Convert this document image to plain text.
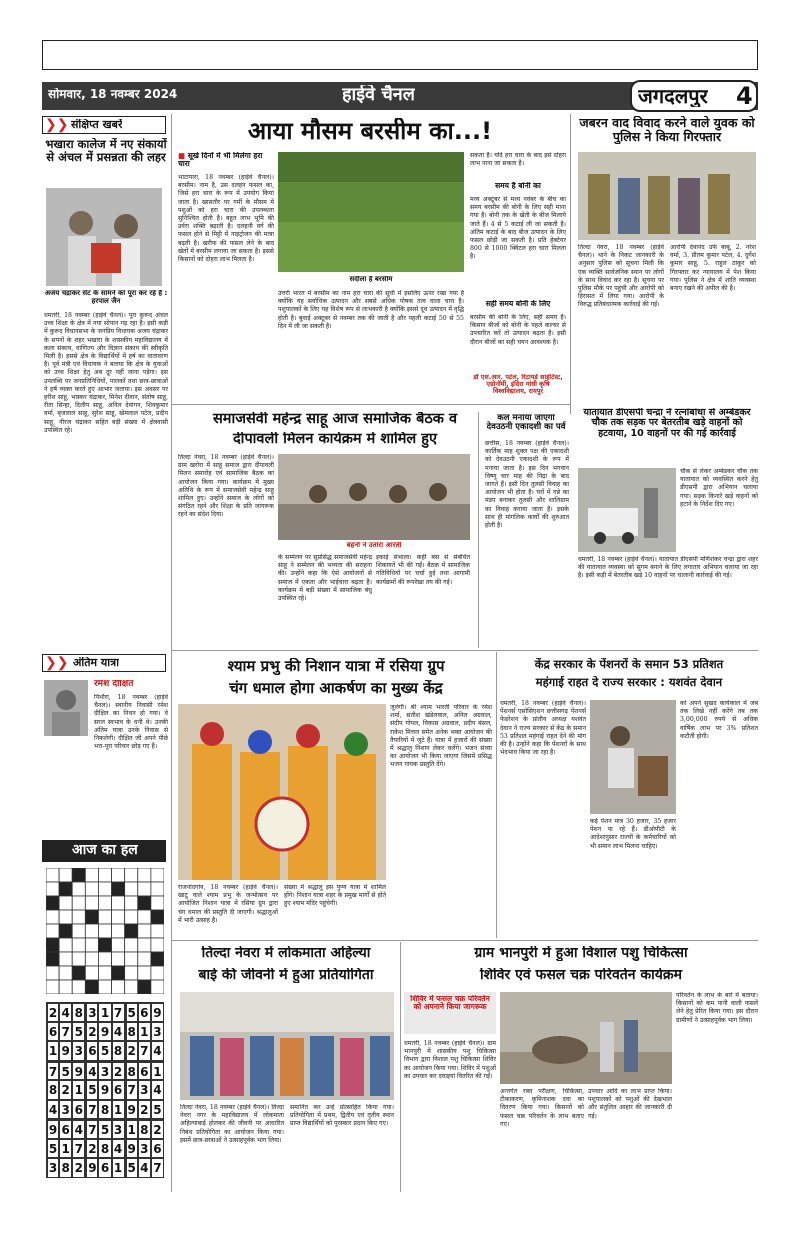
सोमवार, 18 नवम्बर 2024	हाईवे चैनल	जगदलपुर 4
❯❯ संक्षिप्त खबरें
भखारा कालेज में नए संकायों से अंचल में प्रसन्नता की लहर
अजय चंद्राकर सेंट के सामने को पूरा कर रहे हैं : हरपाल जैन
धमतरी, 18 नवम्बर (हाईवे चैनल)। पूरा कुरूद अंचल उच्च शिक्षा के क्षेत्र में नया सोपान गढ़ रहा है। इसी कड़ी में कुरूद विधानसभा के जनप्रिय विधायक अजय चंद्राकर के सपनों के शहर भखारा के शासकीय महाविद्यालय में कला संकाय, वाणिज्य और विज्ञान संकाय की स्वीकृति मिली है। इससे क्षेत्र के विद्यार्थियों में हर्ष का वातावरण है। पूर्व मंत्री एवं विधायक ने बताया कि क्षेत्र के युवाओं को उच्च शिक्षा हेतु अब दूर नहीं जाना पड़ेगा। इस उपलब्धि पर जनप्रतिनिधियों, पालकों तथा छात्र-छात्राओं ने हर्ष व्यक्त करते हुए आभार जताया। इस अवसर पर हरीश साहू, भास्कर चंद्राकर, मिनेश दीवान, संतोष साहू, रीता सिन्हा, दिलीप साहू, अनिल देवांगन, शिवकुमार वर्मा, बृजलाल साहू, सुरेश साहू, खेमलाल पटेल, प्रदीप साहू, नीरज चंद्राकर सहित बड़ी संख्या में क्षेत्रवासी उपस्थित रहे।
आया मौसम बरसीम का...!
■ सूखे दिनों में भी मिलेगा हरा चारा
भाटापारा, 18 नवम्बर (हाईवे चैनल)। बरसीम। नाम है, उस दलहन फसल का, जिसे हरा चारा के रूप में उपयोग किया जाता है। खासतौर पर गर्मी के मौसम में पशुओं को हरा चारा की उपलब्धता सुनिश्चित होती है। बहुत लाभ भूमि की उर्वरा शक्ति बढ़ाती है। दलहनी वर्ग की फसल होने से मिट्टी में नाइट्रोजन की मात्रा बढ़ती है। खरीफ की फसल लेने के बाद खेतों में बरसीम लगाया जा सकता है। इससे किसानों को दोहरा लाभ मिलता है।
सर्दीला है बरसीम
उत्तरी भारत में बरसीम का नाम हरा चारा की सूची में इसलिए ऊपर रखा गया है क्योंकि यह सर्वाधिक उत्पादन और सबसे अधिक पोषक तत्व वाला चारा है। पशुपालकों के लिए यह विशेष रूप से लाभकारी है क्योंकि इससे दूध उत्पादन में वृद्धि होती है। बुवाई अक्टूबर से नवम्बर तक की जाती है और पहली कटाई 50 से 55 दिन में ली जा सकती है।
सकता है। यदि हरा चारा के बाद इसे दोहरा लाभ पाना जा सकता है।
समय है बोनी का
मध्य अक्टूबर से मध्य नवंबर के बीच का समय बरसीम की बोनी के लिए सही माना गया है। बोनी तक के खेती के बीज मिलाये जाते हैं। 4 से 5 कटाई ली जा सकती है। अंतिम कटाई के बाद बीज उत्पादन के लिए फसल छोड़ी जा सकती है। प्रति हेक्टेयर 800 से 1000 क्विंटल हरा चारा मिलता है।
सही समय बोनी के लिए
बरसीम की बोनी के लिए, सही समय है। किसान बीजों को बोनी के पहले कल्चर से उपचारित करें तो उत्पादन बढ़ता है। इसी दौरान बीजों का सही चयन आवश्यक है।
डॉ एस.आर. पटेल, रिटायर्ड साइंटिस्ट, एग्रोनॉमी, इंदिरा गांधी कृषि विश्वविद्यालय, रायपुर
जबरन वाद विवाद करने वाले युवक को पुलिस ने किया गिरफ्तार
तिल्दा नेवरा, 18 नवम्बर (हाईवे चैनल)। थाने के निकट जानकारी के अनुसार पुलिस को सूचना मिली कि एक व्यक्ति सार्वजनिक स्थान पर लोगों के साथ विवाद कर रहा है। सूचना पर पुलिस मौके पर पहुंची और आरोपी को हिरासत में लिया गया। आरोपी के विरुद्ध प्रतिबंधात्मक कार्रवाई की गई।
आरोपी देवानंद उर्फ बाबू, 2. नरेश वर्मा, 3. प्रीतम कुमार पटेल, 4. दुर्गेश कुमार साहू, 5. राहुल ठाकुर को गिरफ्तार कर न्यायालय में पेश किया गया। पुलिस ने क्षेत्र में शांति व्यवस्था बनाए रखने की अपील की है।
समाजसेवी महेन्द्र साहू आज समाजिक बैठक व
दीपावली मिलन कार्यक्रम में शामिल हुए
तिल्दा नेवरा, 18 नवम्बर (हाईवे चैनल)। ग्राम खरोरा में साहू समाज द्वारा दीपावली मिलन समारोह एवं सामाजिक बैठक का आयोजन किया गया। कार्यक्रम में मुख्य अतिथि के रूप में समाजसेवी महेन्द्र साहू शामिल हुए। उन्होंने समाज के लोगों को संगठित रहने और शिक्षा के प्रति जागरूक रहने का संदेश दिया।
बहनों ने उतारा आरती
के सम्मेलन पर सुप्रसिद्ध समाजसेवी महेन्द्र साहू ने सम्मेलन की भव्यता की सराहना की। उन्होंने कहा कि ऐसे आयोजनों से समाज में एकता और भाईचारा बढ़ता है। कार्यक्रम में बड़ी संख्या में सामाजिक बंधु उपस्थित रहे।
इकाई संभाला। कहीं बस से संबंधित शिकायतें भी की गईं। बैठक में सामाजिक गतिविधियों पर चर्चा हुई तथा आगामी कार्यक्रमों की रूपरेखा तय की गई।
कल मनाया जाएगा देवउठनी एकादशी का पर्व
छत्तीस, 18 नवम्बर (हाईवे चैनल)। कार्तिक माह शुक्ल पक्ष की एकादशी को देवउठनी एकादशी के रूप में मनाया जाता है। इस दिन भगवान विष्णु चार माह की निद्रा के बाद जागते हैं। इसी दिन तुलसी विवाह का आयोजन भी होता है। घरों में गन्ने का मंडप बनाकर तुलसी और शालिग्राम का विवाह कराया जाता है। इसके साथ ही मांगलिक कार्यों की शुरुआत होती है।
यातायात डीएसपी चन्द्रा ने रत्नांबांधा से अम्बेडकर चौक तक सड़क पर बेतरतीब खड़े वाहनों को हटवाया, 10 वाहनों पर की गई कार्रवाई
चौक से लेकर अम्बेडकर चौक तक यातायात को व्यवस्थित करने हेतु डीएसपी द्वारा अभियान चलाया गया। सड़क किनारे खड़े वाहनों को हटाने के निर्देश दिए गए।
धमतरी, 18 नवम्बर (हाईवे चैनल)। यातायात डीएसपी मणिशंकर चन्द्रा द्वारा शहर की यातायात व्यवस्था को सुगम बनाने के लिए लगातार अभियान चलाया जा रहा है। इसी कड़ी में बेतरतीब खड़े 10 वाहनों पर चालानी कार्रवाई की गई।
❯❯ अंतिम यात्रा
रमेश दीक्षित
पिथौरा, 18 नवम्बर (हाईवे चैनल)। स्थानीय निवासी रमेश दीक्षित का निधन हो गया। वे सरल स्वभाव के धनी थे। उनकी अंतिम यात्रा उनके निवास से निकलेगी। दीक्षित जी अपने पीछे भरा-पूरा परिवार छोड़ गए हैं।
आज का हल
2 4 8 3 1 7 5 6 9
6 7 5 2 9 4 8 1 3
1 9 3 6 5 8 2 7 4
7 5 9 4 3 2 8 6 1
8 2 1 5 9 6 7 3 4
4 3 6 7 8 1 9 2 5
9 6 4 7 5 3 1 8 2
5 1 7 2 8 4 9 3 6
3 8 2 9 6 1 5 4 7
श्याम प्रभु की निशान यात्रा में रसिया ग्रुप
चंग धमाल होगा आकर्षण का मुख्य केंद्र
राजनांदगांव, 18 नवम्बर (हाईवे चैनल)। खाटू वाले श्याम प्रभु के जन्मोत्सव पर आयोजित निशान यात्रा में रसिया ग्रुप द्वारा चंग धमाल की प्रस्तुति दी जाएगी। श्रद्धालुओं में भारी उत्साह है।
संख्या में श्रद्धालु इस पुण्य यात्रा में शामिल होंगे। निशान यात्रा शहर के प्रमुख मार्गों से होते हुए श्याम मंदिर पहुंचेगी।
जुलेगी। श्री श्याम भारती परिवार के रमेश शर्मा, सतीश खंडेलवाल, अनिल अग्रवाल, संदीप गोयल, विकास अग्रवाल, प्रदीप बंसल, राकेश मित्तल समेत अनेक भक्त आयोजन की तैयारियों में जुटे हैं। यात्रा में हजारों की संख्या में श्रद्धालु निशान लेकर चलेंगे। भजन संध्या का आयोजन भी किया जाएगा जिसमें प्रसिद्ध भजन गायक प्रस्तुति देंगे।
केंद्र सरकार के पेंशनरों के समान 53 प्रतिशत
महंगाई राहत दे राज्य सरकार : यशवंत देवान
धमतरी, 18 नवम्बर (हाईवे चैनल)। पेंशनर्स एसोसिएशन छत्तीसगढ़ पेंशनर्स फेडरेशन के प्रांतीय अध्यक्ष यशवंत देवान ने राज्य सरकार से केंद्र के समान 53 प्रतिशत महंगाई राहत देने की मांग की है। उन्होंने कहा कि पेंशनरों के साथ भेदभाव किया जा रहा है।
कई पेंशन मात्र 30 हजार, 35 हजार पेंशन पा रहे हैं। डीओपीटी के आदेशानुसार राज्यों के कर्मचारियों को भी समान लाभ मिलना चाहिए।
को अपने सुखद कार्यकाल में जब तक लिखे नहीं करेंगे तब तक 3,00,000 रुपये से अधिक वार्षिक लाभ पर 3% प्रतिशत कटौती होगी।
तिल्दा नेवरा में लोकमाता अहिल्या
बाई की जीवनी में हुआ प्रतियोगिता
तिल्दा नेवरा, 18 नवम्बर (हाईवे चैनल)। तिल्दा नेवरा नगर के महाविद्यालय में लोकमाता अहिल्याबाई होलकर की जीवनी पर आधारित निबंध प्रतियोगिता का आयोजन किया गया। इसमें छात्र-छात्राओं ने उत्साहपूर्वक भाग लिया।
समानित कर उन्हें प्रोत्साहित किया गया। प्रतियोगिता में प्रथम, द्वितीय एवं तृतीय स्थान प्राप्त विद्यार्थियों को पुरस्कार प्रदान किए गए।
ग्राम भानपुरी में हुआ विशाल पशु चिकित्सा
शिविर एवं फसल चक्र परिवर्तन कार्यक्रम
शिविर में फसल चक्र परिवर्तन को अपनाने किया जागरूक
धमतरी, 18 नवम्बर (हाईवे चैनल)। ग्राम भानपुरी में शासकीय पशु चिकित्सा विभाग द्वारा विशाल पशु चिकित्सा शिविर का आयोजन किया गया। शिविर में पशुओं का उपचार कर दवाइयां वितरित की गईं।
अन्तर्गत रक्त परीक्षण, चिकित्सा, टीकाकरण, कृमिनाशक दवा का वितरण किया गया। किसानों को फसल चक्र परिवर्तन के लाभ बताए गए।
उपचार आदि का लाभ प्राप्त किया। पशुपालकों को पशुओं की देखभाल और संतुलित आहार की जानकारी दी गई।
परिवर्तन के लाभ के बारे में बताया। किसानों को कम पानी वाली फसलें लेने हेतु प्रेरित किया गया। इस दौरान ग्रामीणों ने उत्साहपूर्वक भाग लिया।
